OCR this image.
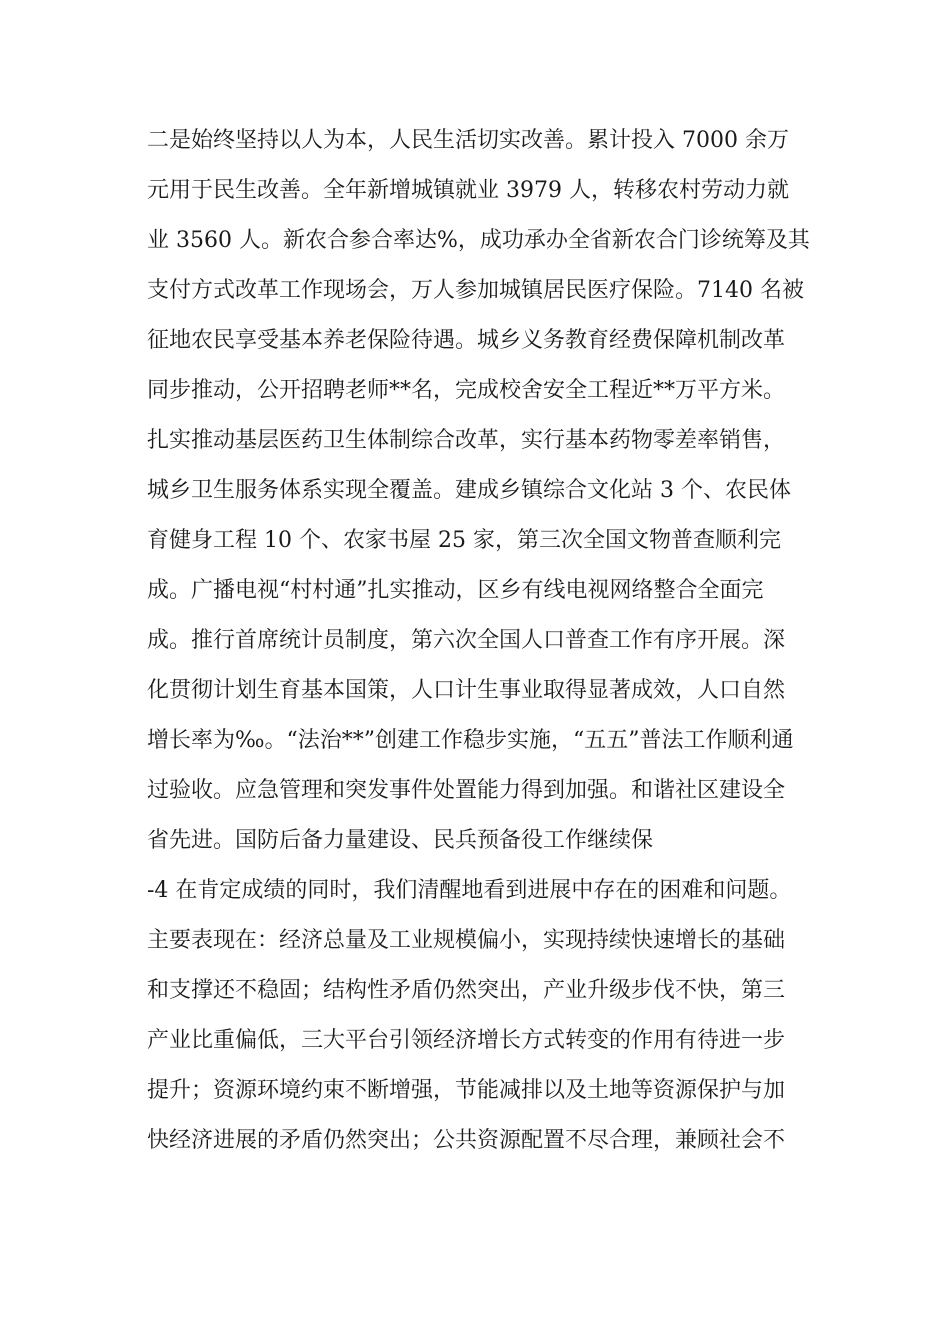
二是始终坚持以人为本，人民生活切实改善。累计投入 7000 余万
元用于民生改善。全年新增城镇就业 3979 人，转移农村劳动力就
业 3560 人。新农合参合率达%，成功承办全省新农合门诊统筹及其
支付方式改革工作现场会，万人参加城镇居民医疗保险。7140 名被
征地农民享受基本养老保险待遇。城乡义务教育经费保障机制改革
同步推动，公开招聘老师**名，完成校舍安全工程近**万平方米。
扎实推动基层医药卫生体制综合改革，实行基本药物零差率销售，
城乡卫生服务体系实现全覆盖。建成乡镇综合文化站 3 个、农民体
育健身工程 10 个、农家书屋 25 家，第三次全国文物普查顺利完
成。广播电视“村村通”扎实推动，区乡有线电视网络整合全面完
成。推行首席统计员制度，第六次全国人口普查工作有序开展。深
化贯彻计划生育基本国策，人口计生事业取得显著成效，人口自然
增长率为‰。“法治**”创建工作稳步实施，“五五”普法工作顺利通
过验收。应急管理和突发事件处置能力得到加强。和谐社区建设全
省先进。国防后备力量建设、民兵预备役工作继续保
-4 在肯定成绩的同时，我们清醒地看到进展中存在的困难和问题。
主要表现在：经济总量及工业规模偏小，实现持续快速增长的基础
和支撑还不稳固；结构性矛盾仍然突出，产业升级步伐不快，第三
产业比重偏低，三大平台引领经济增长方式转变的作用有待进一步
提升；资源环境约束不断增强，节能减排以及土地等资源保护与加
快经济进展的矛盾仍然突出；公共资源配置不尽合理，兼顾社会不
